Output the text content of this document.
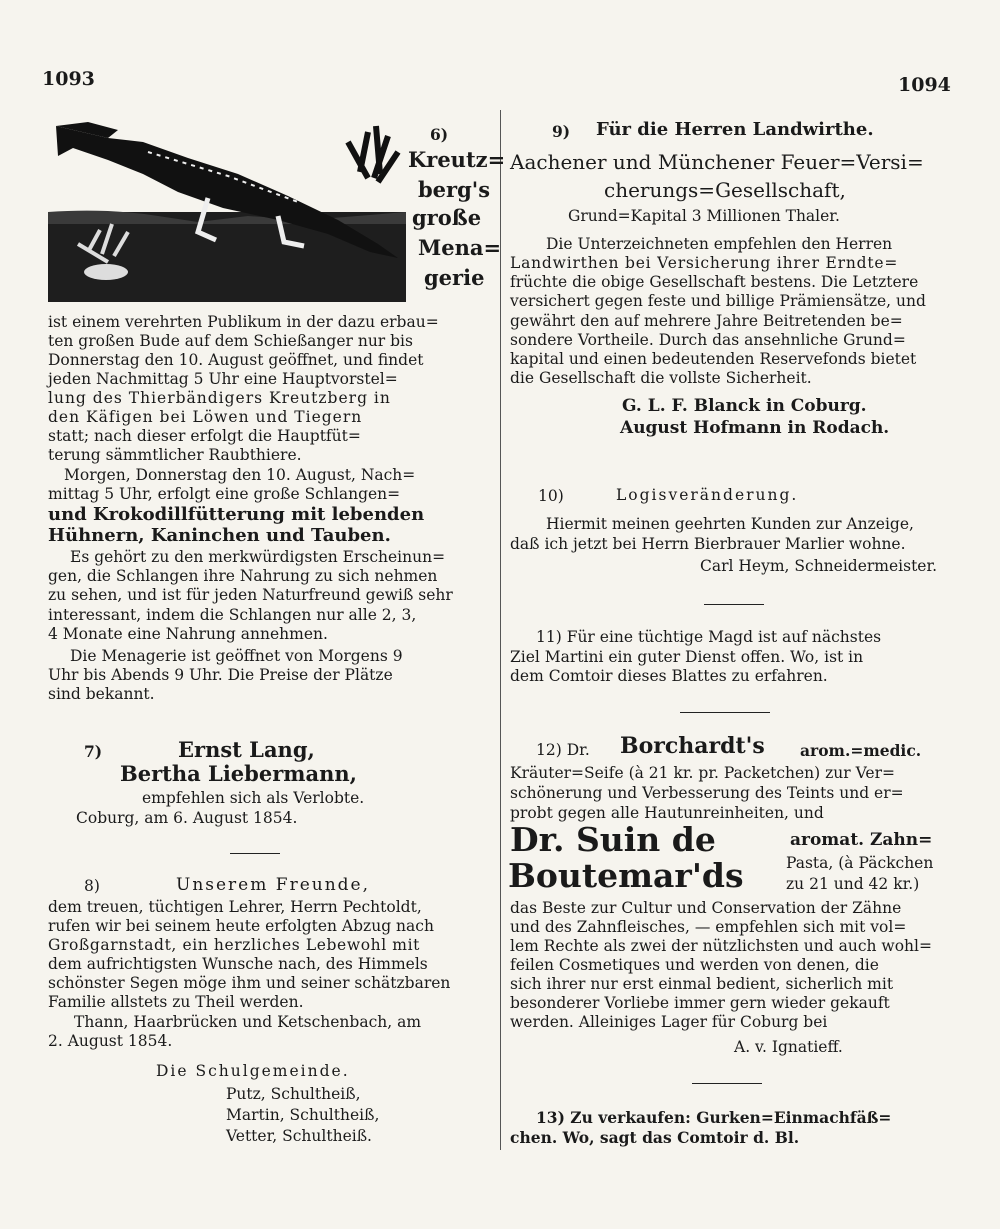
1093	1094
6)
Kreutz=
berg's
große
Mena=
gerie
ist einem verehrten Publikum in der dazu erbau=
ten großen Bude auf dem Schießanger nur bis
Donnerstag den 10. August geöffnet, und findet
jeden Nachmittag 5 Uhr eine Hauptvorstel=
lung des Thierbändigers Kreutzberg in
den Käfigen bei Löwen und Tiegern
statt; nach dieser erfolgt die Hauptfüt=
terung sämmtlicher Raubthiere.
Morgen, Donnerstag den 10. August, Nach=
mittag 5 Uhr, erfolgt eine große Schlangen=
und Krokodillfütterung mit lebenden
Hühnern, Kaninchen und Tauben.
Es gehört zu den merkwürdigsten Erscheinun=
gen, die Schlangen ihre Nahrung zu sich nehmen
zu sehen, und ist für jeden Naturfreund gewiß sehr
interessant, indem die Schlangen nur alle 2, 3,
4 Monate eine Nahrung annehmen.
Die Menagerie ist geöffnet von Morgens 9
Uhr bis Abends 9 Uhr. Die Preise der Plätze
sind bekannt.
7)	Ernst Lang,
Bertha Liebermann,
empfehlen sich als Verlobte.
Coburg, am 6. August 1854.
8)	Unserem Freunde,
dem treuen, tüchtigen Lehrer, Herrn Pechtoldt,
rufen wir bei seinem heute erfolgten Abzug nach
Großgarnstadt, ein herzliches Lebewohl mit
dem aufrichtigsten Wunsche nach, des Himmels
schönster Segen möge ihm und seiner schätzbaren
Familie allstets zu Theil werden.
Thann, Haarbrücken und Ketschenbach, am
2. August 1854.
Die Schulgemeinde.
Putz, Schultheiß,
Martin, Schultheiß,
Vetter, Schultheiß.
9) Für die Herren Landwirthe.
Aachener und Münchener Feuer=Versi=
cherungs=Gesellschaft,
Grund=Kapital 3 Millionen Thaler.
Die Unterzeichneten empfehlen den Herren
Landwirthen bei Versicherung ihrer Erndte=
früchte die obige Gesellschaft bestens. Die Letztere
versichert gegen feste und billige Prämiensätze, und
gewährt den auf mehrere Jahre Beitretenden be=
sondere Vortheile. Durch das ansehnliche Grund=
kapital und einen bedeutenden Reservefonds bietet
die Gesellschaft die vollste Sicherheit.
G. L. F. Blanck in Coburg.
August Hofmann in Rodach.
10)	Logisveränderung.
Hiermit meinen geehrten Kunden zur Anzeige,
daß ich jetzt bei Herrn Bierbrauer Marlier wohne.
Carl Heym, Schneidermeister.
11) Für eine tüchtige Magd ist auf nächstes
Ziel Martini ein guter Dienst offen. Wo, ist in
dem Comtoir dieses Blattes zu erfahren.
12) Dr. Borchardt's arom.=medic.
Kräuter=Seife (à 21 kr. pr. Packetchen) zur Ver=
schönerung und Verbesserung des Teints und er=
probt gegen alle Hautunreinheiten, und
Dr. Suin de
Boutemar'ds
aromat. Zahn=
Pasta, (à Päckchen
zu 21 und 42 kr.)
das Beste zur Cultur und Conservation der Zähne
und des Zahnfleisches, — empfehlen sich mit vol=
lem Rechte als zwei der nützlichsten und auch wohl=
feilen Cosmetiques und werden von denen, die
sich ihrer nur erst einmal bedient, sicherlich mit
besonderer Vorliebe immer gern wieder gekauft
werden. Alleiniges Lager für Coburg bei
A. v. Ignatieff.
13) Zu verkaufen: Gurken=Einmachfäß=
chen. Wo, sagt das Comtoir d. Bl.
